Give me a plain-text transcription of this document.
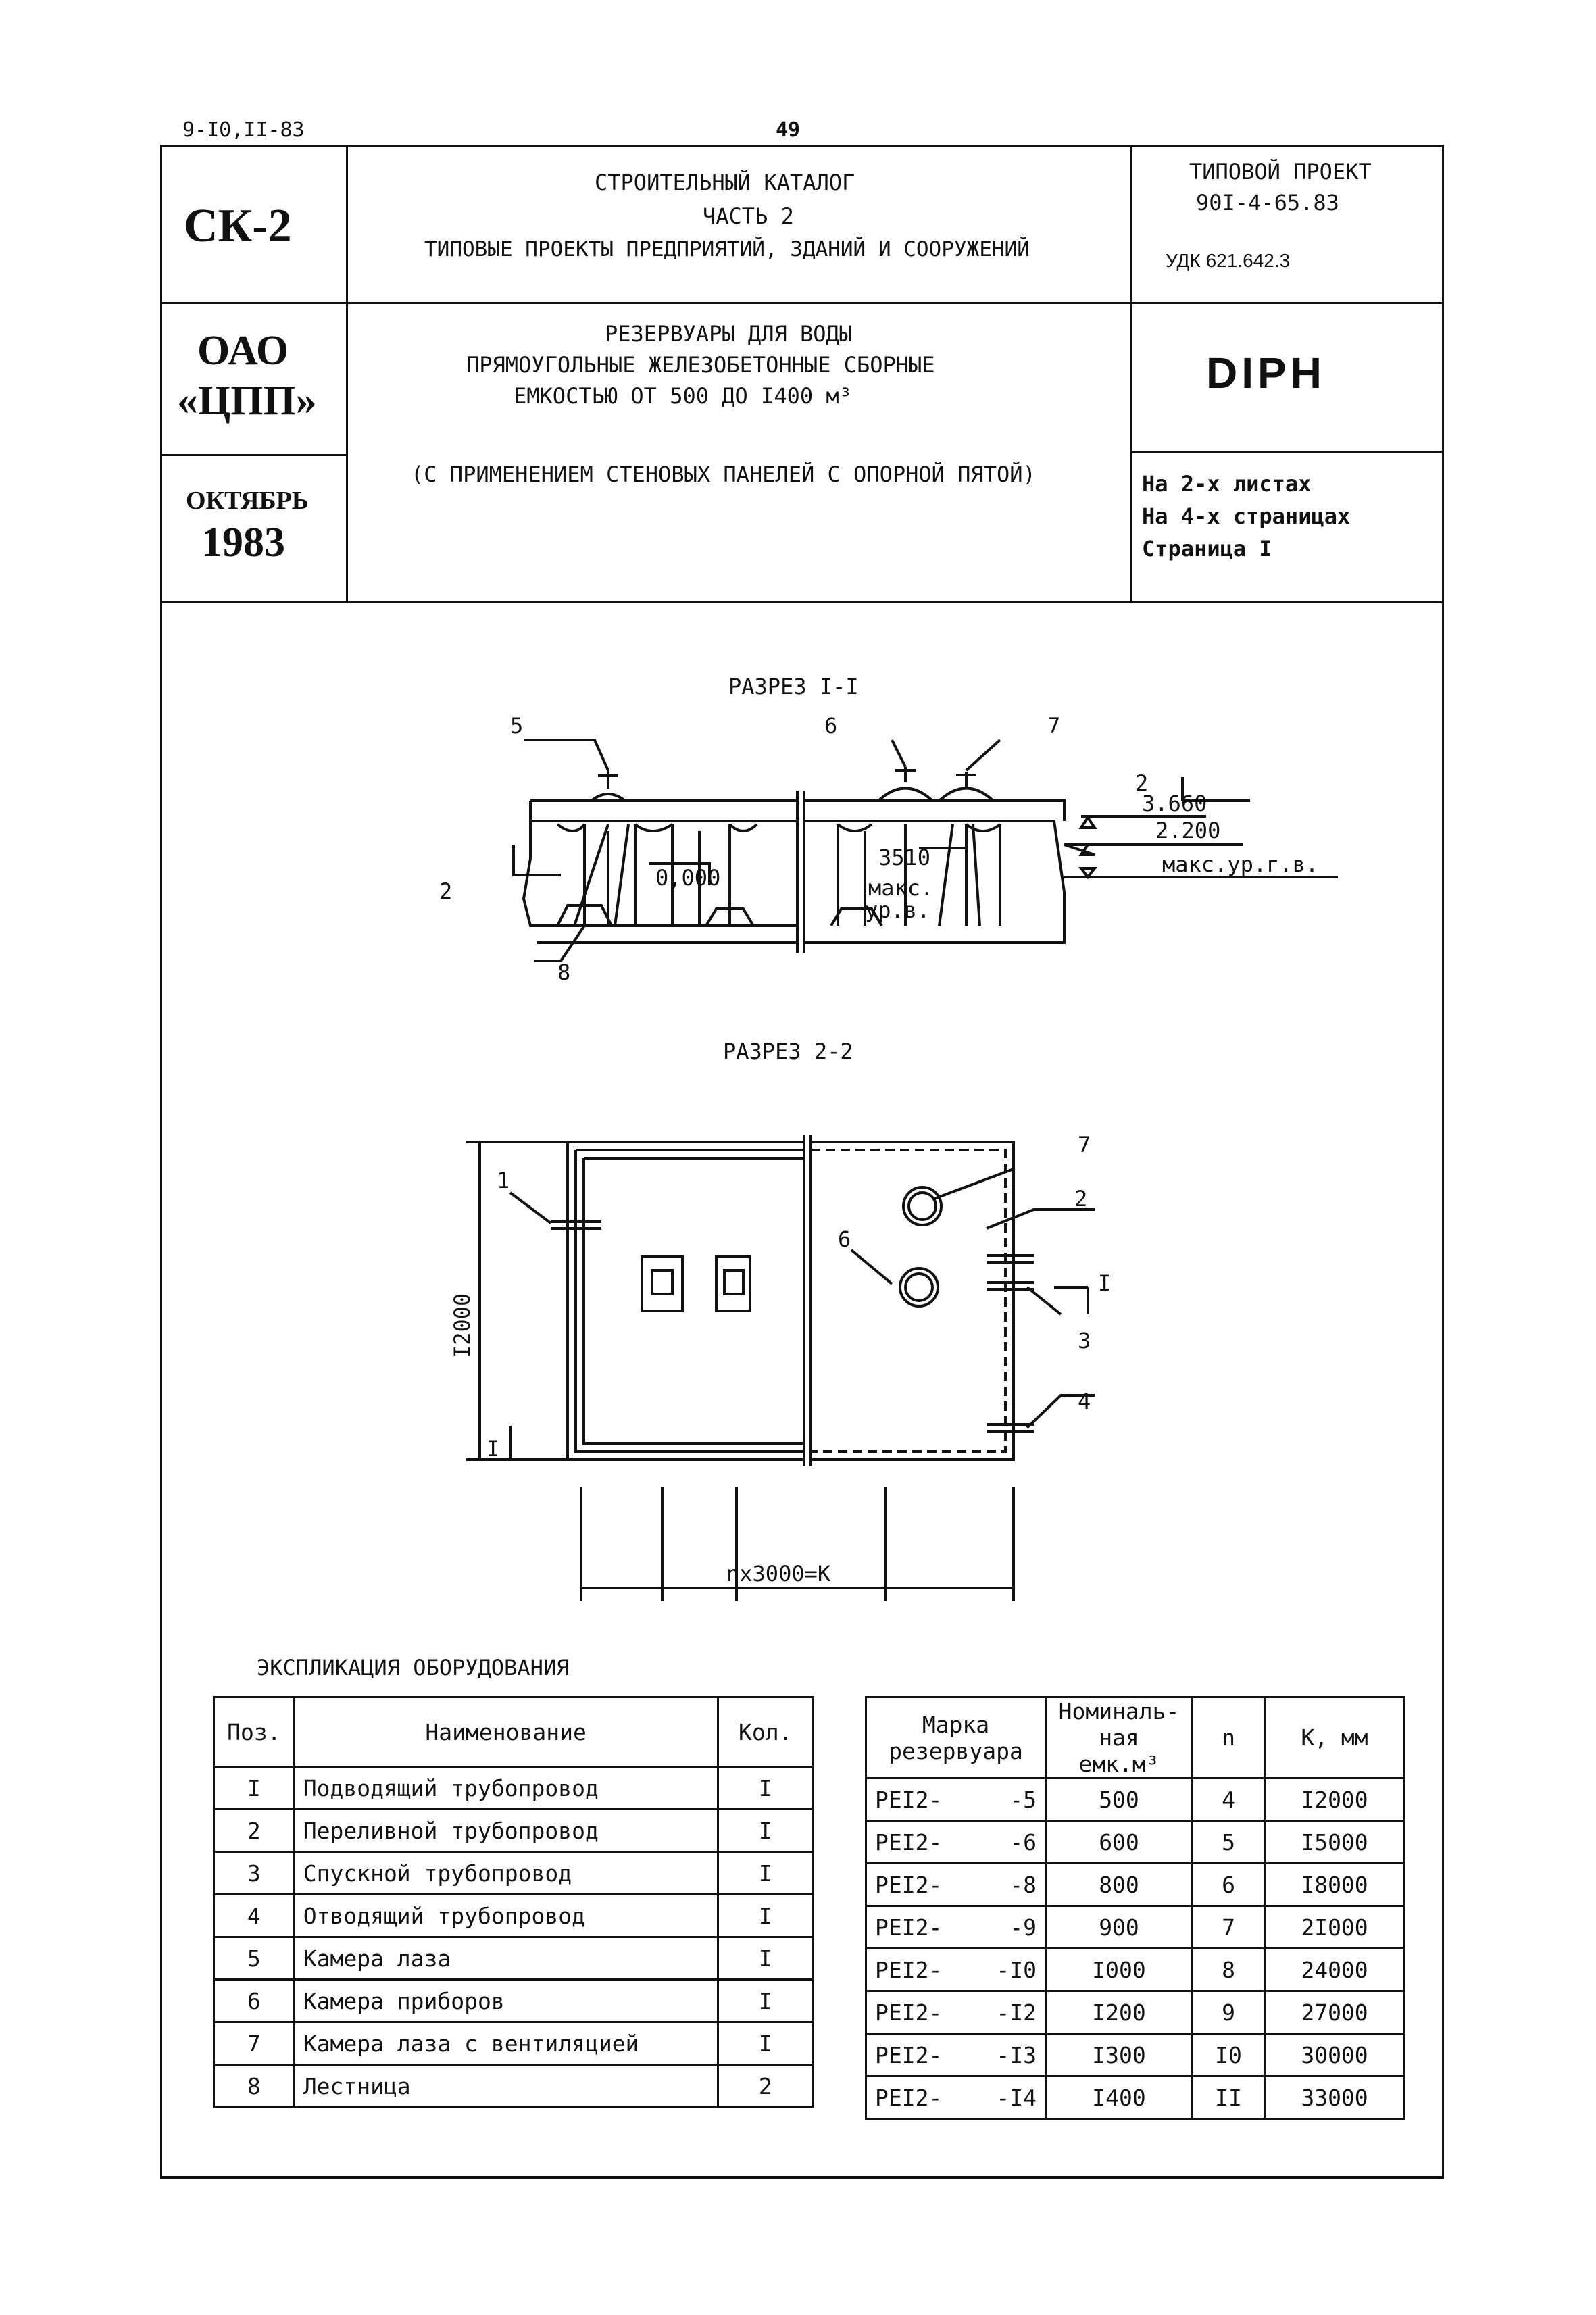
9-I0,II-83	49
СК-2
ОАО
«ЦПП»
ОКТЯБРЬ
1983
СТРОИТЕЛЬНЫЙ КАТАЛОГ
ЧАСТЬ 2
ТИПОВЫЕ ПРОЕКТЫ ПРЕДПРИЯТИЙ, ЗДАНИЙ И СООРУЖЕНИЙ
РЕЗЕРВУАРЫ ДЛЯ ВОДЫ
ПРЯМОУГОЛЬНЫЕ ЖЕЛЕЗОБЕТОННЫЕ СБОРНЫЕ
ЕМКОСТЬЮ ОТ 500 ДО I400 м³
(С ПРИМЕНЕНИЕМ СТЕНОВЫХ ПАНЕЛЕЙ С ОПОРНОЙ ПЯТОЙ)
ТИПОВОЙ ПРОЕКТ
90I-4-65.83
УДК 621.642.3
DIPH
На 2-х листах
На 4-х страницах
Страница I
РАЗРЕЗ I-I
5	6	7
8
2
2
3.660
2.200
макс.ур.г.в.
0,000
3510
макс.
ур.в.
РАЗРЕЗ 2-2
1
2
3
4
6
7
I
I
nх3000=K
I2000
ЭКСПЛИКАЦИЯ ОБОРУДОВАНИЯ
Поз.	Наименование	Кол.
I	Подводящий трубопровод	I
2	Переливной трубопровод	I
3	Спускной трубопровод	I
4	Отводящий трубопровод	I
5	Камера лаза	I
6	Камера приборов	I
7	Камера лаза с вентиляцией	I
8	Лестница	2
Марка резервуара		Номиналь- ная емк.м³	n	K, мм
РЕI2-	-5	500	4	I2000
РЕI2-	-6	600	5	I5000
РЕI2-	-8	800	6	I8000
РЕI2-	-9	900	7	2I000
РЕI2-	-I0	I000	8	24000
РЕI2-	-I2	I200	9	27000
РЕI2-	-I3	I300	I0	30000
РЕI2-	-I4	I400	II	33000
